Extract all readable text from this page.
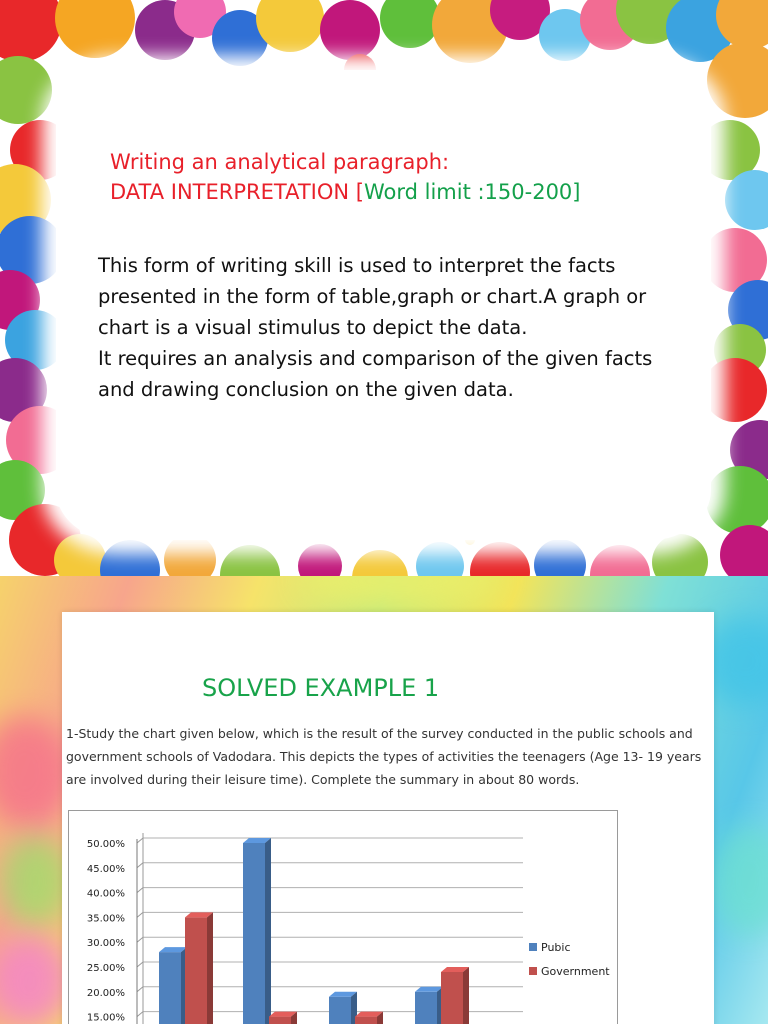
Writing an analytical paragraph:
DATA INTERPRETATION [Word limit :150-200]

This form of writing skill is used to interpret the facts

presented in the form of table,graph or chart.A graph or

chart is a visual stimulus to depict the data.

It requires an analysis and comparison of the given facts

and drawing conclusion on the given data.

SOLVED EXAMPLE 1
1-Study the chart given below, which is the result of the survey conducted in the public schools and
government schools of Vadodara. This depicts the types of activities the teenagers (Age 13- 19 years
are involved during their leisure time). Complete the summary in about 80 words.
50.00%
45.00%
40.00%
35.00%
30.00%
25.00%
20.00%
15.00%
Pubic
Government
